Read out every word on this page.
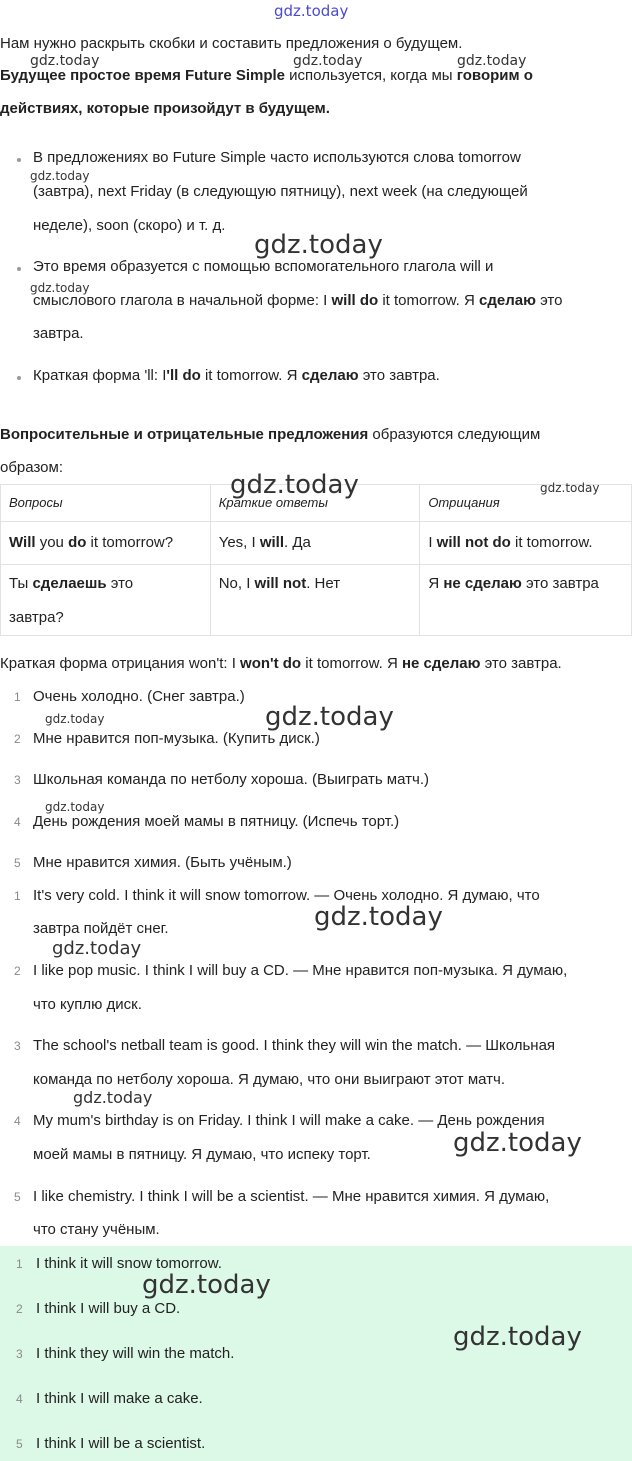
gdz.today
gdz.today	gdz.today	gdz.today
Нам нужно раскрыть скобки и составить предложения о будущем.
Будущее простое время Future Simple используется, когда мы говорим о
действиях, которые произойдут в будущем.
В предложениях во Future Simple часто используются слова tomorrow
gdz.today
(завтра), next Friday (в следующую пятницу), next week (на следующей
неделе), soon (скоро) и т. д.
gdz.today
Это время образуется с помощью вспомогательного глагола will и
gdz.today
смыслового глагола в начальной форме: I will do it tomorrow. Я сделаю это
завтра.
Краткая форма 'll: I'll do it tomorrow. Я сделаю это завтра.
Вопросительные и отрицательные предложения образуются следующим
образом:
Вопросы	Краткие ответы	Отрицания
Will you do it tomorrow?	Yes, I will. Да	I will not do it tomorrow.

Ты сделаешь это
завтра?	No, I will not. Нет	Я не сделаю это завтра
gdz.today	gdz.today
Краткая форма отрицания won't: I won't do it tomorrow. Я не сделаю это завтра.
1 Очень холодно. (Снег завтра.)
2 Мне нравится поп-музыка. (Купить диск.)
3 Школьная команда по нетболу хороша. (Выиграть матч.)
4 День рождения моей мамы в пятницу. (Испечь торт.)
5 Мне нравится химия. (Быть учёным.)
gdz.today	gdz.today
gdz.today
1 It's very cold. I think it will snow tomorrow. — Очень холодно. Я думаю, что
завтра пойдёт снег.
2 I like pop music. I think I will buy a CD. — Мне нравится поп-музыка. Я думаю,
что куплю диск.
3 The school's netball team is good. I think they will win the match. — Школьная
команда по нетболу хороша. Я думаю, что они выиграют этот матч.
4 My mum's birthday is on Friday. I think I will make a cake. — День рождения
моей мамы в пятницу. Я думаю, что испеку торт.
5 I like chemistry. I think I will be a scientist. — Мне нравится химия. Я думаю,
что стану учёным.
gdz.today
gdz.today
gdz.today
gdz.today
1 I think it will snow tomorrow.
2 I think I will buy a CD.
3 I think they will win the match.
4 I think I will make a cake.
5 I think I will be a scientist.
gdz.today
gdz.today
